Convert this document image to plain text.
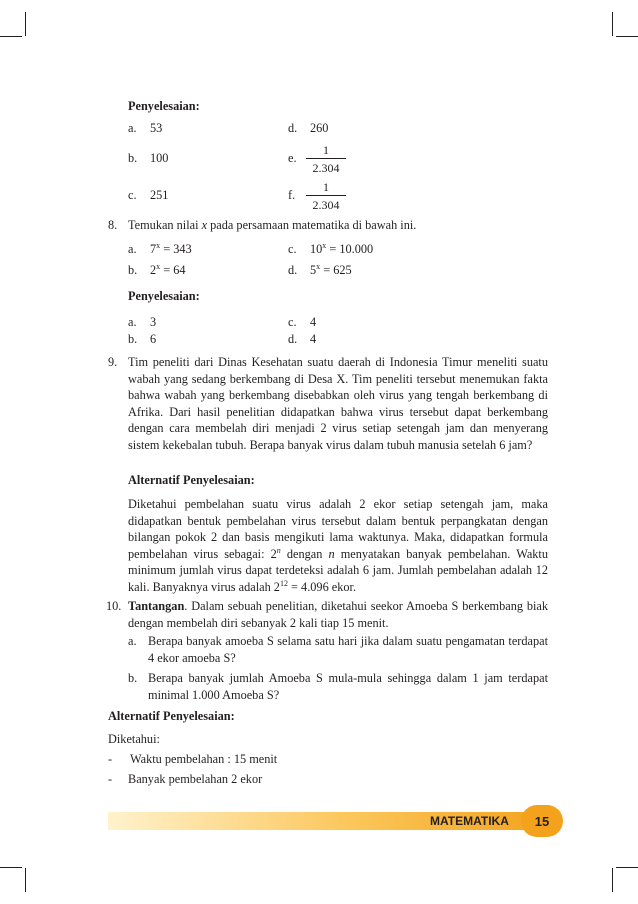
Penyelesaian:
a. 53
b. 100
c. 251
d. 260
e. $\frac{1}{2.304}$
f. $\frac{1}{2.304}$
8. Temukan nilai x pada persamaan matematika di bawah ini.
a. $7^x = 343$
b. $2^x = 64$
c. $10^x = 10.000$
d. $5^x = 625$
Penyelesaian:
a. 3
b. 6
c. 4
d. 4
9. Tim peneliti dari Dinas Kesehatan suatu daerah di Indonesia Timur meneliti suatu wabah yang sedang berkembang di Desa X. Tim peneliti tersebut menemukan fakta bahwa wabah yang berkembang disebabkan oleh virus yang tengah berkembang di Afrika. Dari hasil penelitian didapatkan bahwa virus tersebut dapat berkembang dengan cara membelah diri menjadi 2 virus setiap setengah jam dan menyerang sistem kekebalan tubuh. Berapa banyak virus dalam tubuh manusia setelah 6 jam?
Alternatif Penyelesaian:
Diketahui pembelahan suatu virus adalah 2 ekor setiap setengah jam, maka didapatkan bentuk pembelahan virus tersebut dalam bentuk perpangkatan dengan bilangan pokok 2 dan basis mengikuti lama waktunya. Maka, didapatkan formula pembelahan virus sebagai: 2$^n$ dengan n menyatakan banyak pembelahan. Waktu minimum jumlah virus dapat terdeteksi adalah 6 jam. Jumlah pembelahan adalah 12 kali. Banyaknya virus adalah $2^{12} = 4.096$ ekor.
10. Tantangan. Dalam sebuah penelitian, diketahui seekor Amoeba S berkembang biak dengan membelah diri sebanyak 2 kali tiap 15 menit.
a. Berapa banyak amoeba S selama satu hari jika dalam suatu pengamatan terdapat 4 ekor amoeba S?
b. Berapa banyak jumlah Amoeba S mula-mula sehingga dalam 1 jam terdapat minimal 1.000 Amoeba S?
Alternatif Penyelesaian:
Diketahui:
- Waktu pembelahan : 15 menit
- Banyak pembelahan 2 ekor
MATEMATIKA	15
